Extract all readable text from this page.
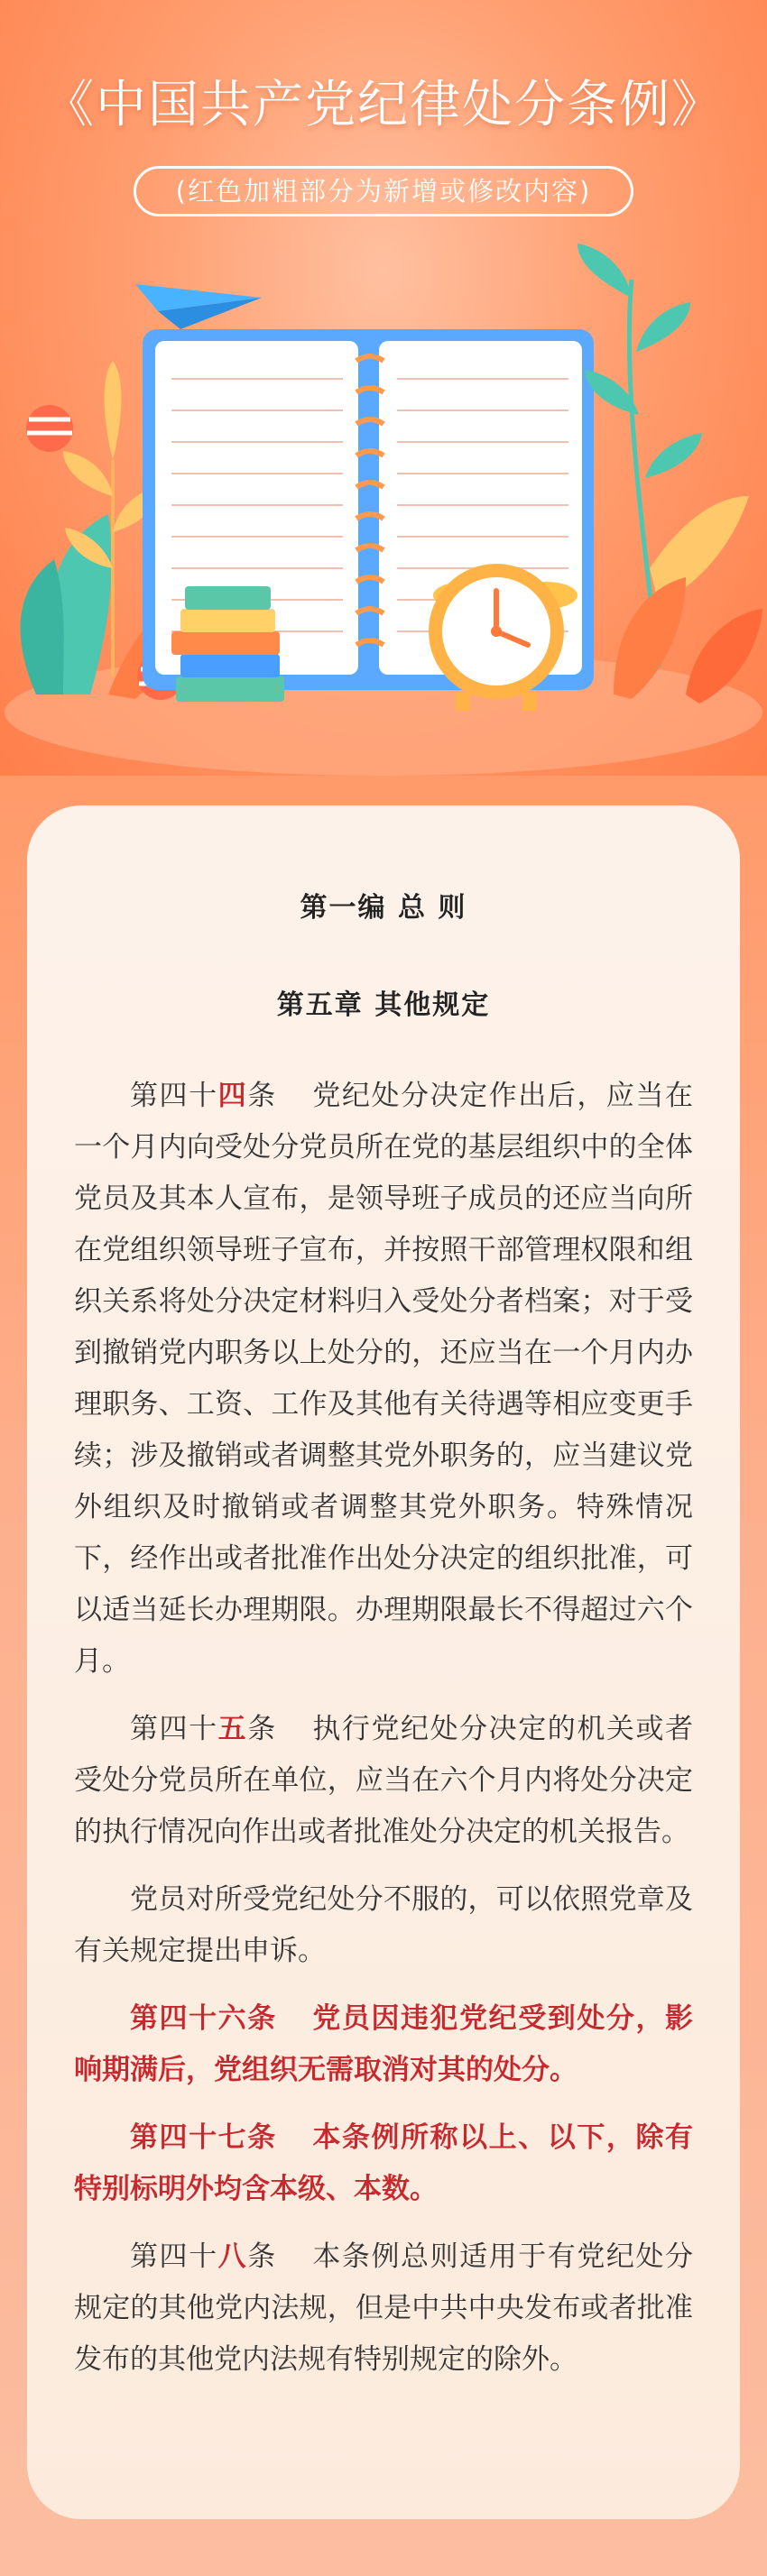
《中国共产党纪律处分条例》
(红色加粗部分为新增或修改内容)
第一编 总 则
第五章 其他规定

第四十四条 党纪处分决定作出后，应当在一个月内向受处分党员所在党的基层组织中的全体党员及其本人宣布，是领导班子成员的还应当向所在党组织领导班子宣布，并按照干部管理权限和组织关系将处分决定材料归入受处分者档案；对于受到撤销党内职务以上处分的，还应当在一个月内办理职务、工资、工作及其他有关待遇等相应变更手续；涉及撤销或者调整其党外职务的，应当建议党外组织及时撤销或者调整其党外职务。特殊情况下，经作出或者批准作出处分决定的组织批准，可以适当延长办理期限。办理期限最长不得超过六个月。

第四十五条 执行党纪处分决定的机关或者受处分党员所在单位，应当在六个月内将处分决定的执行情况向作出或者批准处分决定的机关报告。

党员对所受党纪处分不服的，可以依照党章及有关规定提出申诉。

第四十六条 党员因违犯党纪受到处分，影响期满后，党组织无需取消对其的处分。

第四十七条 本条例所称以上、以下，除有特别标明外均含本级、本数。

第四十八条 本条例总则适用于有党纪处分规定的其他党内法规，但是中共中央发布或者批准发布的其他党内法规有特别规定的除外。
